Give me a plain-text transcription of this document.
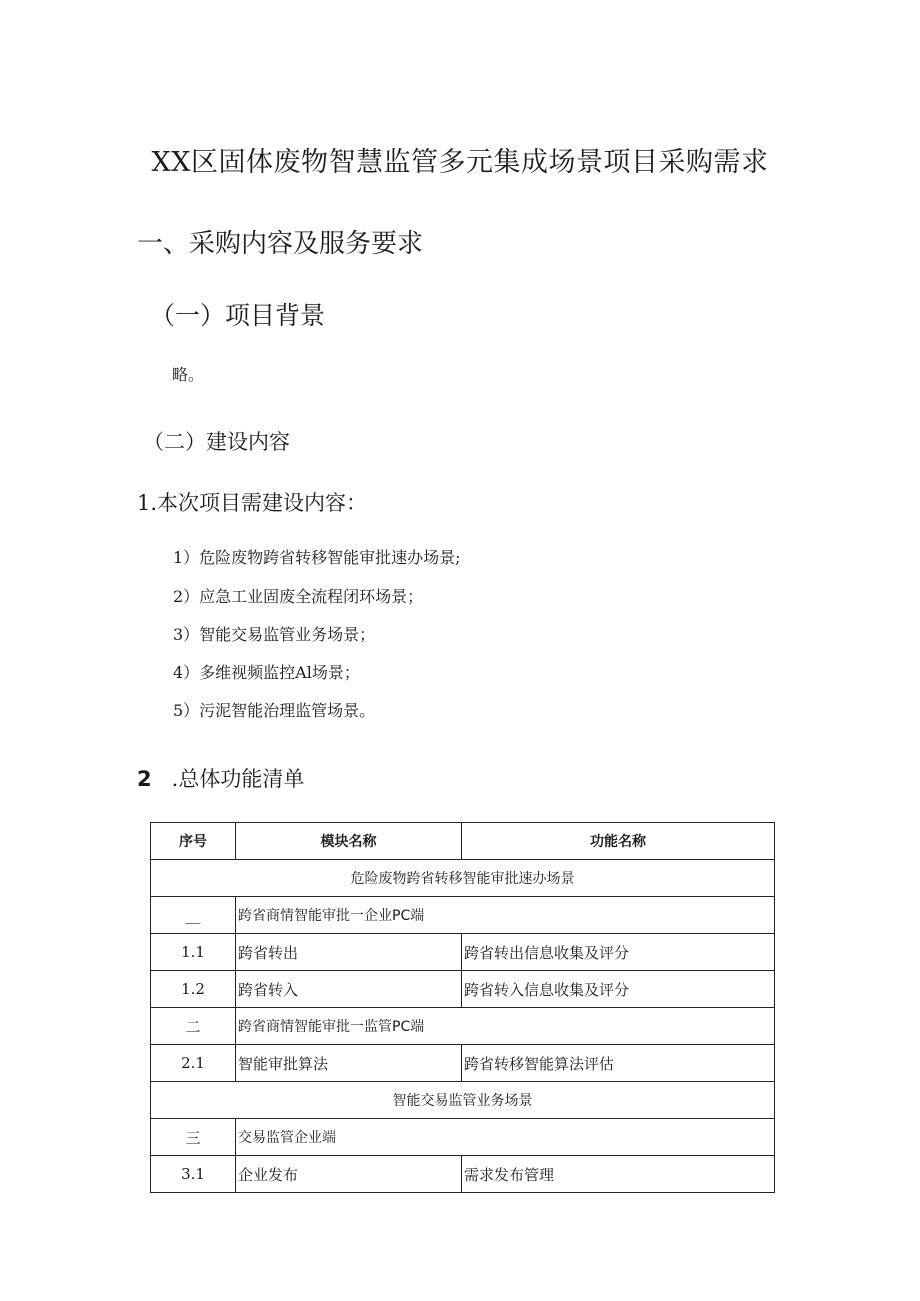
XX区固体废物智慧监管多元集成场景项目采购需求
一、采购内容及服务要求
（一）项目背景
略。
（二）建设内容
1.本次项目需建设内容：
1）危险废物跨省转移智能审批速办场景;
2）应急工业固废全流程闭环场景；
3）智能交易监管业务场景；
4）多维视频监控Al场景；
5）污泥智能治理监管场景。
2 .总体功能清单
序号	模块名称	功能名称
危险废物跨省转移智能审批速办场景		
__	跨省商情智能审批一企业PC端	
1.1	跨省转出	跨省转出信息收集及评分
1.2	跨省转入	跨省转入信息收集及评分
二	跨省商情智能审批一监管PC端	
2.1	智能审批算法	跨省转移智能算法评估
智能交易监管业务场景		
三	交易监管企业端	
3.1	企业发布	需求发布管理
